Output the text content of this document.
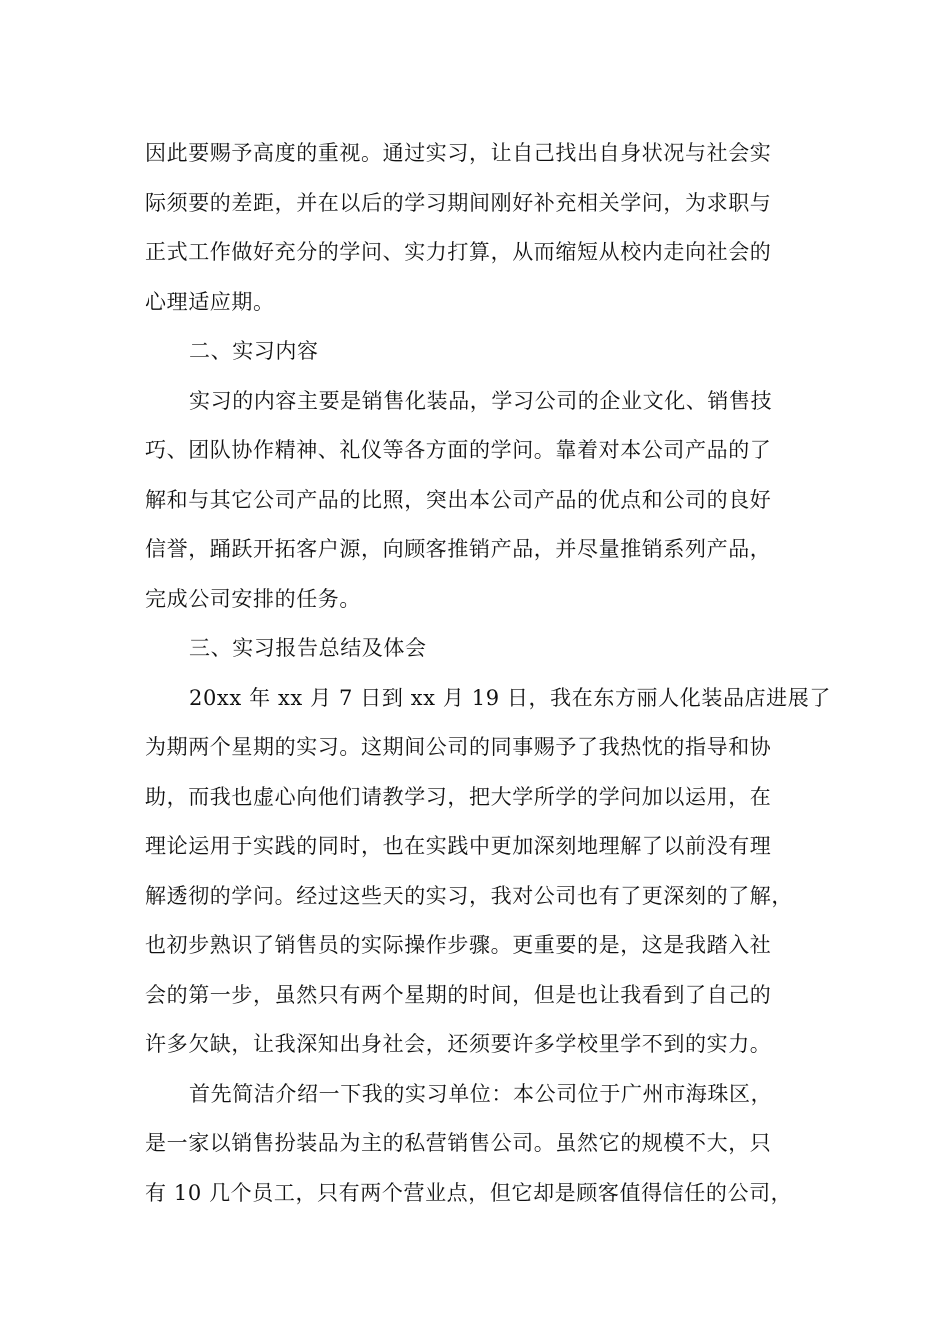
因此要赐予高度的重视。通过实习，让自己找出自身状况与社会实
际须要的差距，并在以后的学习期间刚好补充相关学问，为求职与
正式工作做好充分的学问、实力打算，从而缩短从校内走向社会的
心理适应期。
二、实习内容
实习的内容主要是销售化装品，学习公司的企业文化、销售技
巧、团队协作精神、礼仪等各方面的学问。靠着对本公司产品的了
解和与其它公司产品的比照，突出本公司产品的优点和公司的良好
信誉，踊跃开拓客户源，向顾客推销产品，并尽量推销系列产品，
完成公司安排的任务。
三、实习报告总结及体会
20xx 年 xx 月 7 日到 xx 月 19 日，我在东方丽人化装品店进展了
为期两个星期的实习。这期间公司的同事赐予了我热忱的指导和协
助，而我也虚心向他们请教学习，把大学所学的学问加以运用，在
理论运用于实践的同时，也在实践中更加深刻地理解了以前没有理
解透彻的学问。经过这些天的实习，我对公司也有了更深刻的了解，
也初步熟识了销售员的实际操作步骤。更重要的是，这是我踏入社
会的第一步，虽然只有两个星期的时间，但是也让我看到了自己的
许多欠缺，让我深知出身社会，还须要许多学校里学不到的实力。
首先简洁介绍一下我的实习单位：本公司位于广州市海珠区，
是一家以销售扮装品为主的私营销售公司。虽然它的规模不大，只
有 10 几个员工，只有两个营业点，但它却是顾客值得信任的公司，
